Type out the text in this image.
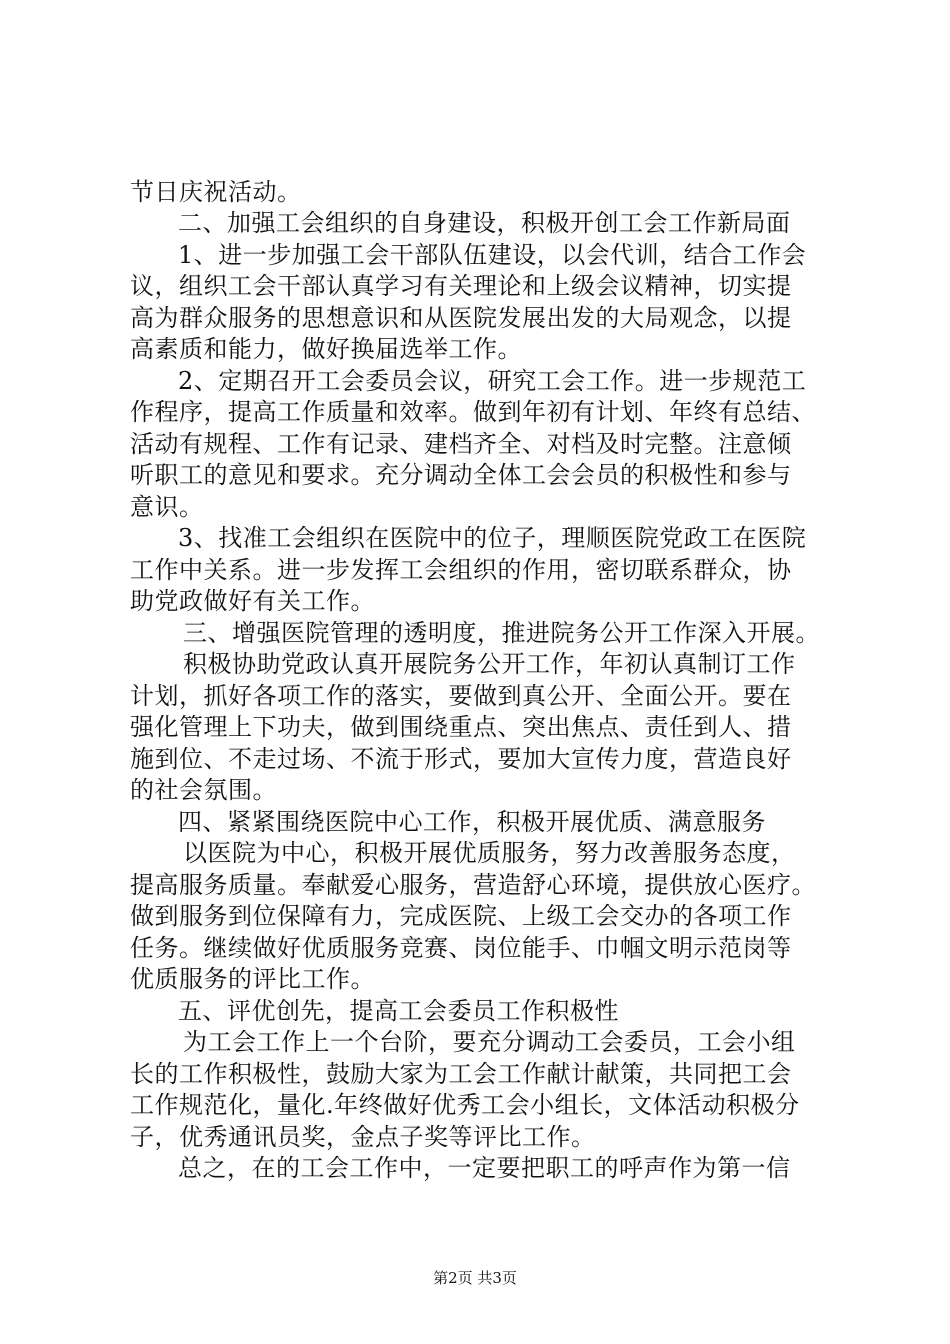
节日庆祝活动。
二、加强工会组织的自身建设，积极开创工会工作新局面
1、进一步加强工会干部队伍建设，以会代训，结合工作会
议，组织工会干部认真学习有关理论和上级会议精神，切实提
高为群众服务的思想意识和从医院发展出发的大局观念，以提
高素质和能力，做好换届选举工作。
2、定期召开工会委员会议，研究工会工作。进一步规范工
作程序，提高工作质量和效率。做到年初有计划、年终有总结、
活动有规程、工作有记录、建档齐全、对档及时完整。注意倾
听职工的意见和要求。充分调动全体工会会员的积极性和参与
意识。
3、找准工会组织在医院中的位子，理顺医院党政工在医院
工作中关系。进一步发挥工会组织的作用，密切联系群众，协
助党政做好有关工作。
三、增强医院管理的透明度，推进院务公开工作深入开展。
积极协助党政认真开展院务公开工作，年初认真制订工作
计划，抓好各项工作的落实，要做到真公开、全面公开。要在
强化管理上下功夫，做到围绕重点、突出焦点、责任到人、措
施到位、不走过场、不流于形式，要加大宣传力度，营造良好
的社会氛围。
四、紧紧围绕医院中心工作，积极开展优质、满意服务
以医院为中心，积极开展优质服务，努力改善服务态度，
提高服务质量。奉献爱心服务，营造舒心环境，提供放心医疗。
做到服务到位保障有力，完成医院、上级工会交办的各项工作
任务。继续做好优质服务竞赛、岗位能手、巾帼文明示范岗等
优质服务的评比工作。
五、评优创先，提高工会委员工作积极性
为工会工作上一个台阶，要充分调动工会委员，工会小组
长的工作积极性，鼓励大家为工会工作献计献策，共同把工会
工作规范化，量化.年终做好优秀工会小组长，文体活动积极分
子，优秀通讯员奖，金点子奖等评比工作。
总之，在的工会工作中，一定要把职工的呼声作为第一信
第2页 共3页
